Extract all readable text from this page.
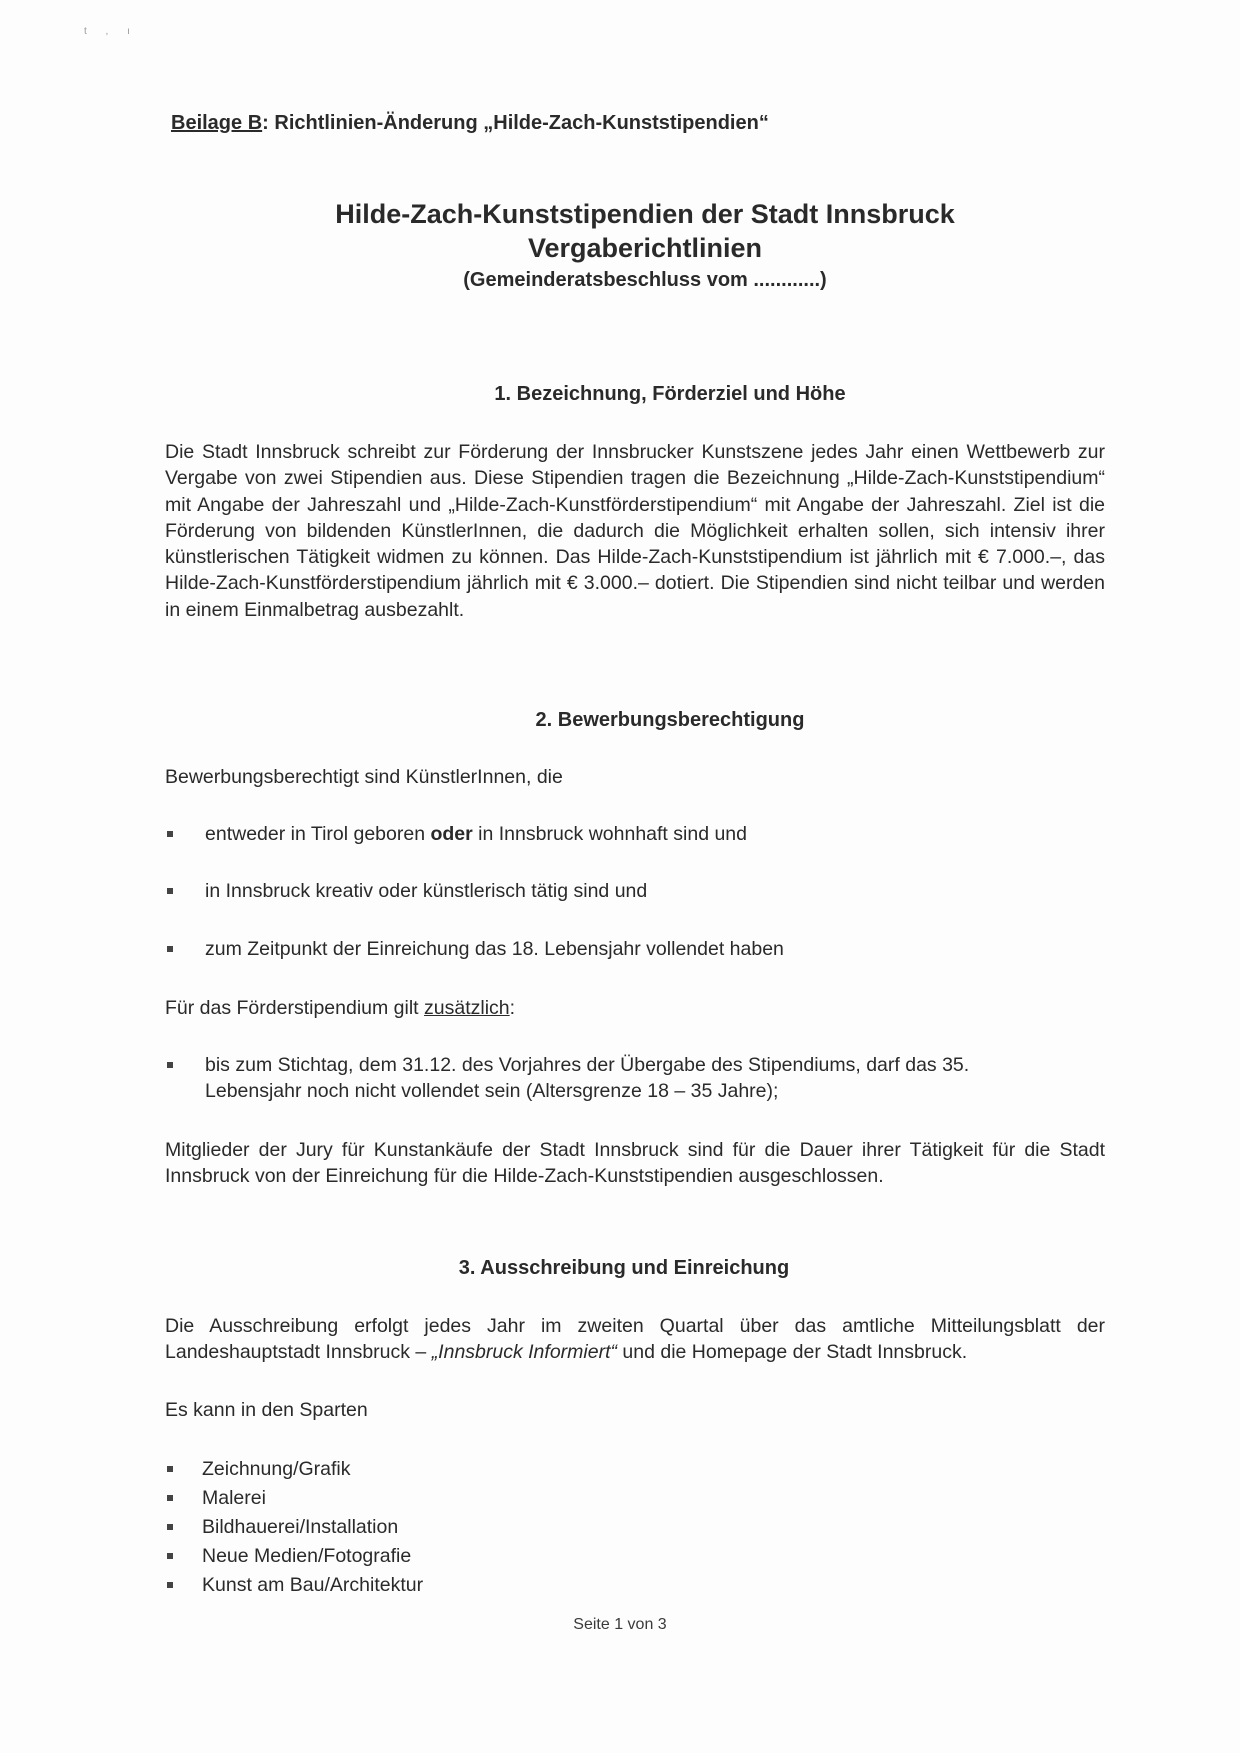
t , ı
Beilage B: Richtlinien-Änderung „Hilde-Zach-Kunststipendien“
Hilde-Zach-Kunststipendien der Stadt Innsbruck
Vergaberichtlinien
(Gemeinderatsbeschluss vom ............)
1. Bezeichnung, Förderziel und Höhe
Die Stadt Innsbruck schreibt zur Förderung der Innsbrucker Kunstszene jedes Jahr einen Wettbewerb zur Vergabe von zwei Stipendien aus. Diese Stipendien tragen die Bezeichnung „Hilde-Zach-Kunststipendium“ mit Angabe der Jahreszahl und „Hilde-Zach-Kunstförderstipendium“ mit Angabe der Jahreszahl. Ziel ist die Förderung von bildenden KünstlerInnen, die dadurch die Möglichkeit erhalten sollen, sich intensiv ihrer künstlerischen Tätigkeit widmen zu können. Das Hilde-Zach-Kunststipendium ist jährlich mit € 7.000.–, das Hilde-Zach-Kunstförderstipendium jährlich mit € 3.000.– dotiert. Die Stipendien sind nicht teilbar und werden in einem Einmalbetrag ausbezahlt.
2. Bewerbungsberechtigung
Bewerbungsberechtigt sind KünstlerInnen, die
entweder in Tirol geboren oder in Innsbruck wohnhaft sind und
in Innsbruck kreativ oder künstlerisch tätig sind und
zum Zeitpunkt der Einreichung das 18. Lebensjahr vollendet haben
Für das Förderstipendium gilt zusätzlich:
bis zum Stichtag, dem 31.12. des Vorjahres der Übergabe des Stipendiums, darf das 35. Lebensjahr noch nicht vollendet sein (Altersgrenze 18 – 35 Jahre);
Mitglieder der Jury für Kunstankäufe der Stadt Innsbruck sind für die Dauer ihrer Tätigkeit für die Stadt Innsbruck von der Einreichung für die Hilde-Zach-Kunststipendien ausgeschlossen.
3. Ausschreibung und Einreichung
Die Ausschreibung erfolgt jedes Jahr im zweiten Quartal über das amtliche Mitteilungsblatt der Landeshauptstadt Innsbruck – „Innsbruck Informiert“ und die Homepage der Stadt Innsbruck.
Es kann in den Sparten
Zeichnung/Grafik
Malerei
Bildhauerei/Installation
Neue Medien/Fotografie
Kunst am Bau/Architektur
Seite 1 von 3
